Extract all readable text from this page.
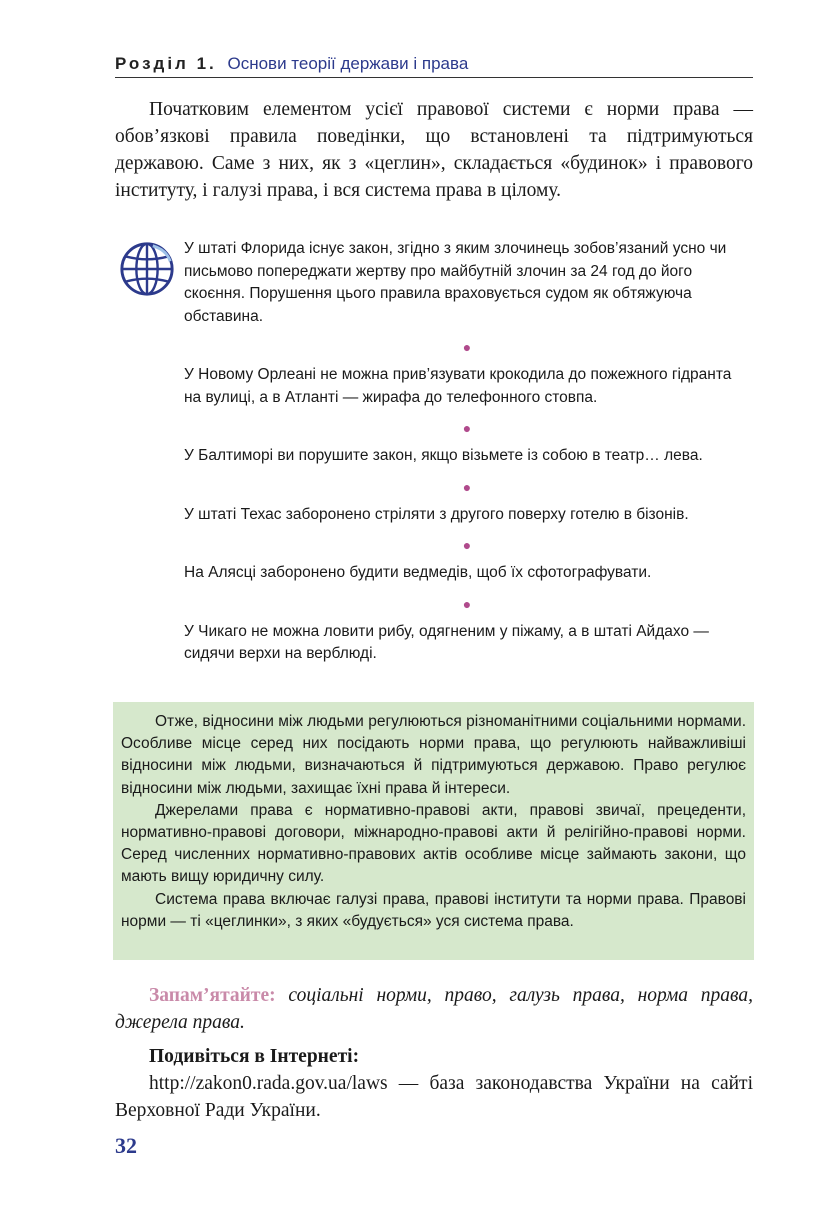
Розділ 1. Основи теорії держави і права

Початковим елементом усієї правової системи є норми права — обов’язкові правила поведінки, що встановлені та підтримуються державою. Саме з них, як з «цеглин», складається «будинок» і правового інституту, і галузі права, і вся система права в цілому.

У штаті Флорида існує закон, згідно з яким злочинець зобов’язаний усно чи письмово попереджати жертву про майбутній злочин за 24 год до його скоєння. Порушення цього правила враховується судом як обтяжуюча обставина.

●

У Новому Орлеані не можна прив’язувати крокодила до пожежного гідранта на вулиці, а в Атланті — жирафа до телефонного стовпа.

●

У Балтиморі ви порушите закон, якщо візьмете із собою в театр… лева.

●

У штаті Техас заборонено стріляти з другого поверху готелю в бізонів.

●

На Алясці заборонено будити ведмедів, щоб їх сфотографувати.

●

У Чикаго не можна ловити рибу, одягненим у піжаму, а в штаті Айдахо — сидячи верхи на верблюді.

Отже, відносини між людьми регулюються різноманітними соціальними нормами. Особливе місце серед них посідають норми права, що регулюють найважливіші відносини між людьми, визначаються й підтримуються державою. Право регулює відносини між людьми, захищає їхні права й інтереси.

Джерелами права є нормативно-правові акти, правові звичаї, прецеденти, нормативно-правові договори, міжнародно-правові акти й релігійно-правові норми. Серед численних нормативно-правових актів особливе місце займають закони, що мають вищу юридичну силу.

Система права включає галузі права, правові інститути та норми права. Правові норми — ті «цеглинки», з яких «будується» уся система права.

Запам’ятайте: соціальні норми, право, галузь права, норма права, джерела права.

Подивіться в Інтернеті:

http://zakon0.rada.gov.ua/laws — база законодавства України на сайті Верховної Ради України.

32
